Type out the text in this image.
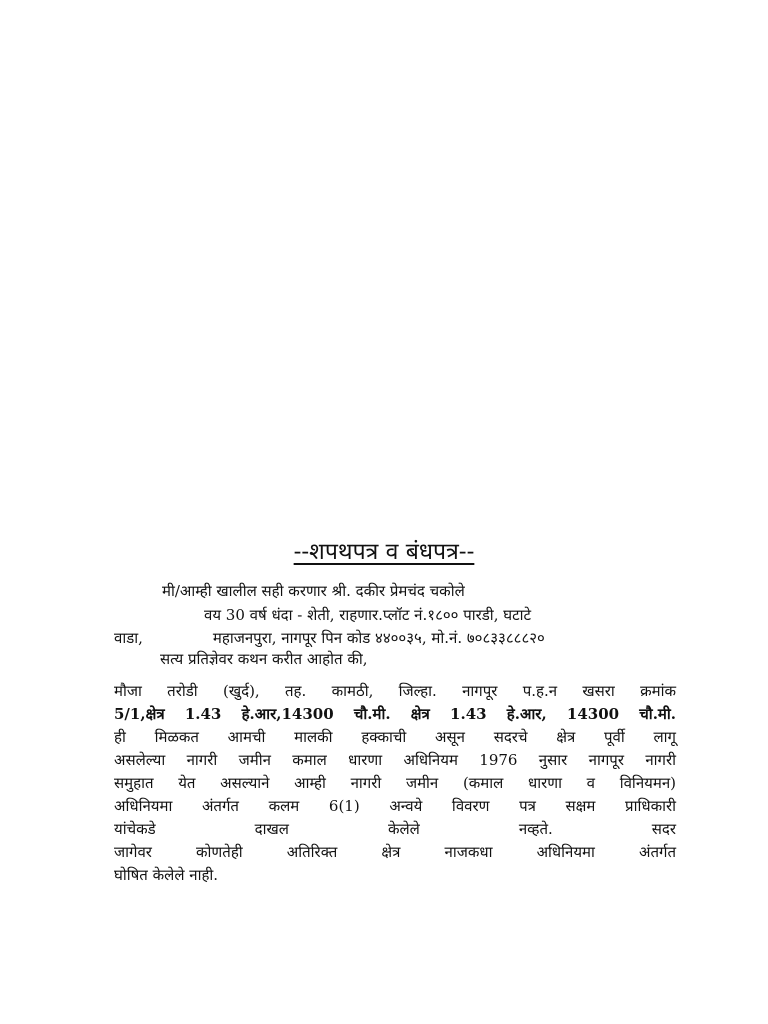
--शपथपत्र व बंधपत्र--
मी/आम्ही खालील सही करणार श्री. दकीर प्रेमचंद चकोले
वय 30 वर्ष धंदा - शेती, राहणार.प्लॉट नं.१८०० पारडी, घटाटे
वाडा,	महाजनपुरा, नागपूर पिन कोड ४४००३५, मो.नं. ७०८३३८८८२०
सत्य प्रतिज्ञेवर कथन करीत आहोत की,
मौजा तरोडी (खुर्द), तह. कामठी, जिल्हा. नागपूर प.ह.न खसरा क्रमांक
5/1,क्षेत्र 1.43 हे.आर,14300 चौ.मी. क्षेत्र 1.43 हे.आर, 14300 चौ.मी.
ही मिळकत आमची मालकी हक्काची असून सदरचे क्षेत्र पूर्वी लागू
असलेल्या नागरी जमीन कमाल धारणा अधिनियम 1976 नुसार नागपूर नागरी
समुहात येत असल्याने आम्ही नागरी जमीन (कमाल धारणा व विनियमन)
अधिनियमा अंतर्गत कलम 6(1) अन्वये विवरण पत्र सक्षम प्राधिकारी
यांचेकडे दाखल केलेले नव्हते. सदर
जागेवर कोणतेही अतिरिक्त क्षेत्र नाजकधा अधिनियमा अंतर्गत
घोषित केलेले नाही.
